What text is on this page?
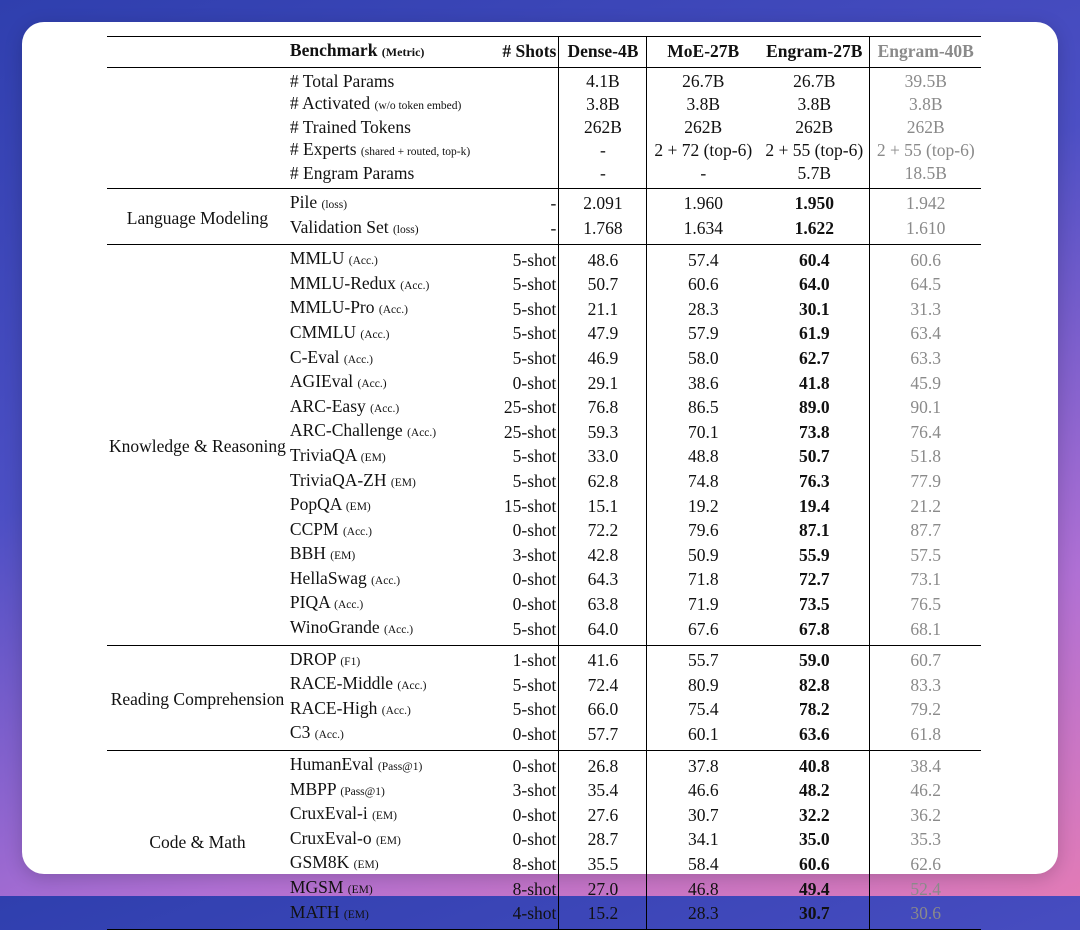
	Benchmark (Metric)	# Shots	Dense-4B	MoE-27B	Engram-27B	Engram-40B
	# Total Params		4.1B	26.7B	26.7B	39.5B
	# Activated (w/o token embed)		3.8B	3.8B	3.8B	3.8B
	# Trained Tokens		262B	262B	262B	262B
	# Experts (shared + routed, top-k)		-	2 + 72 (top-6)	2 + 55 (top-6)	2 + 55 (top-6)
	# Engram Params		-	-	5.7B	18.5B
Language Modeling	Pile (loss)	-	2.091	1.960	1.950	1.942
	Validation Set (loss)	-	1.768	1.634	1.622	1.610
Knowledge & Reasoning	MMLU (Acc.)	5-shot	48.6	57.4	60.4	60.6
	MMLU-Redux (Acc.)	5-shot	50.7	60.6	64.0	64.5
	MMLU-Pro (Acc.)	5-shot	21.1	28.3	30.1	31.3
	CMMLU (Acc.)	5-shot	47.9	57.9	61.9	63.4
	C-Eval (Acc.)	5-shot	46.9	58.0	62.7	63.3
	AGIEval (Acc.)	0-shot	29.1	38.6	41.8	45.9
	ARC-Easy (Acc.)	25-shot	76.8	86.5	89.0	90.1
	ARC-Challenge (Acc.)	25-shot	59.3	70.1	73.8	76.4
	TriviaQA (EM)	5-shot	33.0	48.8	50.7	51.8
	TriviaQA-ZH (EM)	5-shot	62.8	74.8	76.3	77.9
	PopQA (EM)	15-shot	15.1	19.2	19.4	21.2
	CCPM (Acc.)	0-shot	72.2	79.6	87.1	87.7
	BBH (EM)	3-shot	42.8	50.9	55.9	57.5
	HellaSwag (Acc.)	0-shot	64.3	71.8	72.7	73.1
	PIQA (Acc.)	0-shot	63.8	71.9	73.5	76.5
	WinoGrande (Acc.)	5-shot	64.0	67.6	67.8	68.1
Reading Comprehension	DROP (F1)	1-shot	41.6	55.7	59.0	60.7
	RACE-Middle (Acc.)	5-shot	72.4	80.9	82.8	83.3
	RACE-High (Acc.)	5-shot	66.0	75.4	78.2	79.2
	C3 (Acc.)	0-shot	57.7	60.1	63.6	61.8
Code & Math	HumanEval (Pass@1)	0-shot	26.8	37.8	40.8	38.4
	MBPP (Pass@1)	3-shot	35.4	46.6	48.2	46.2
	CruxEval-i (EM)	0-shot	27.6	30.7	32.2	36.2
	CruxEval-o (EM)	0-shot	28.7	34.1	35.0	35.3
	GSM8K (EM)	8-shot	35.5	58.4	60.6	62.6
	MGSM (EM)	8-shot	27.0	46.8	49.4	52.4
	MATH (EM)	4-shot	15.2	28.3	30.7	30.6
